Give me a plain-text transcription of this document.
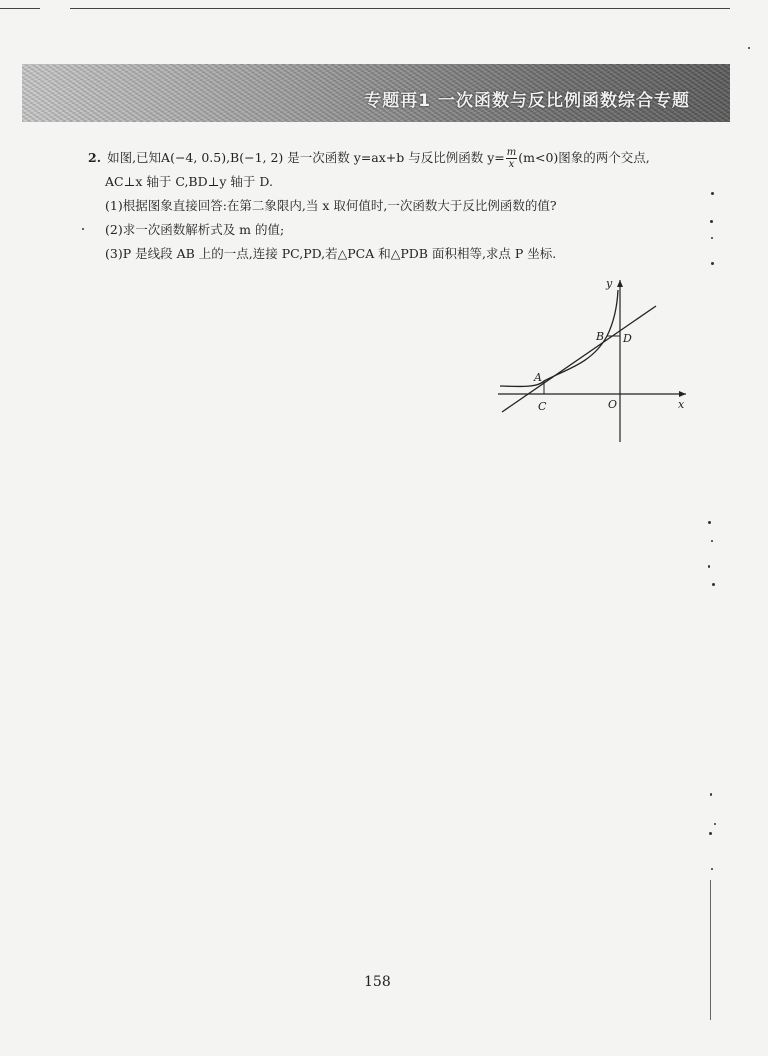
专题再1 一次函数与反比例函数综合专题

2. 如图,已知A(−4, 0.5),B(−1, 2) 是一次函数 y=ax+b 与反比例函数 $y= \frac{m}{x} (m<0)$图象的两个交点,

AC⊥x 轴于 C,BD⊥y 轴于 D.

(1)根据图象直接回答:在第二象限内,当 x 取何值时,一次函数大于反比例函数的值?

(2)求一次函数解析式及 m 的值;

(3)P 是线段 AB 上的一点,连接 PC,PD,若△PCA 和△PDB 面积相等,求点 P 坐标.

y
x
O
A
B
C
D
158
